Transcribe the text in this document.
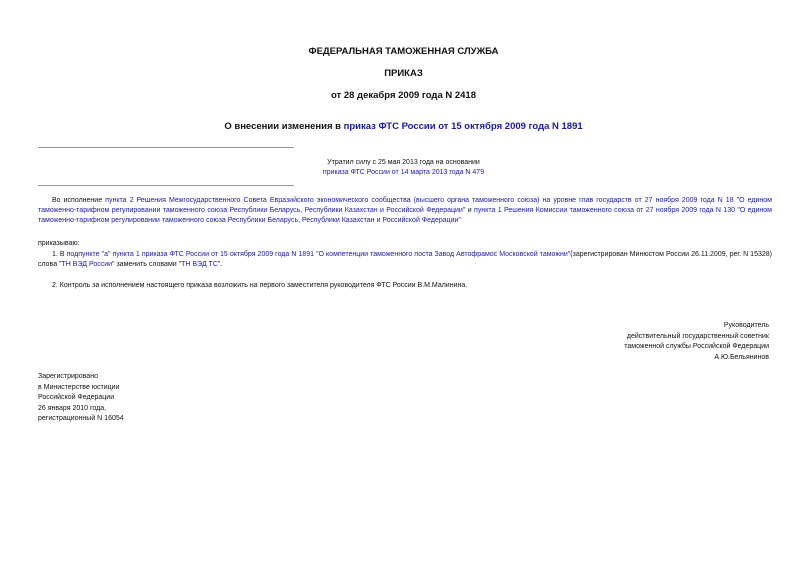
ФЕДЕРАЛЬНАЯ ТАМОЖЕННАЯ СЛУЖБА
ПРИКАЗ
от 28 декабря 2009 года N 2418
О внесении изменения в приказ ФТС России от 15 октября 2009 года N 1891
Утратил силу с 25 мая 2013 года на основании
приказа ФТС России от 14 марта 2013 года N 479
Во исполнение пункта 2 Решения Межгосударственного Совета Евразийского экономического сообщества (высшего органа таможенного союза) на уровне глав государств от 27 ноября 2009 года N 18 "О едином таможенно-тарифном регулировании таможенного союза Республики Беларусь, Республики Казахстан и Российской Федерации" и пункта 1 Решения Комиссии таможенного союза от 27 ноября 2009 года N 130 "О едином таможенно-тарифном регулировании таможенного союза Республики Беларусь, Республики Казахстан и Российской Федерации"
приказываю:
1. В подпункте "а" пункта 1 приказа ФТС России от 15 октября 2009 года N 1891 "О компетенции таможенного поста Завод Автофрамос Московской таможни"(зарегистрирован Минюстом России 26.11.2009, рег. N 15328) слова "ТН ВЭД России" заменить словами "ТН ВЭД ТС".
2. Контроль за исполнением настоящего приказа возложить на первого заместителя руководителя ФТС России В.М.Малинина.
Руководитель
действительный государственный советник
таможенной службы Российской Федерации
А.Ю.Бельянинов
Зарегистрировано
в Министерстве юстиции
Российской Федерации
26 января 2010 года,
регистрационный N 16054
